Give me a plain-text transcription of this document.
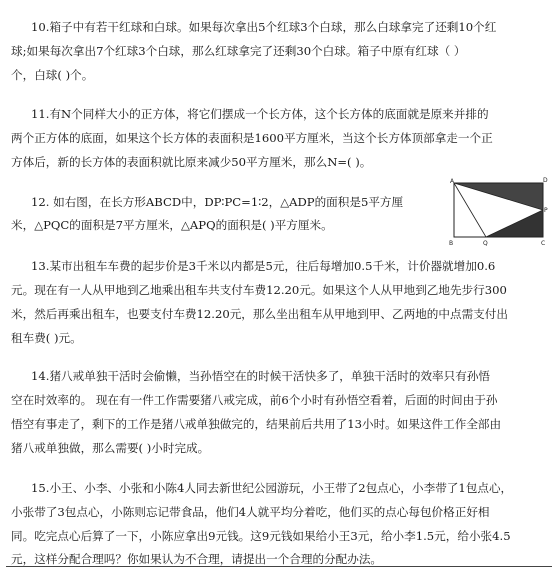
10.箱子中有若干红球和白球。如果每次拿出5个红球3个白球，那么白球拿完了还剩10个红
球;如果每次拿出7个红球3个白球，那么红球拿完了还剩30个白球。箱子中原有红球（ ）
个，白球( )个。
11.有N个同样大小的正方体，将它们摆成一个长方体，这个长方体的底面就是原来并排的
两个正方体的底面，如果这个长方体的表面积是1600平方厘米，当这个长方体顶部拿走一个正
方体后，新的长方体的表面积就比原来减少50平方厘米，那么N=( )。
12. 如右图，在长方形ABCD中，DP∶PC=1∶2，△ADP的面积是5平方厘
米，△PQC的面积是7平方厘米，△APQ的面积是( )平方厘米。
A	D
P
B	Q	C
13.某市出租车车费的起步价是3千米以内都是5元，往后每增加0.5千米，计价器就增加0.6
元。现在有一人从甲地到乙地乘出租车共支付车费12.20元。如果这个人从甲地到乙地先步行300
米，然后再乘出租车，也要支付车费12.20元，那么坐出租车从甲地到甲、乙两地的中点需支付出
租车费( )元。
14.猪八戒单独干活时会偷懒，当孙悟空在的时候干活快多了，单独干活时的效率只有孙悟
空在时效率的。 现在有一件工作需要猪八戒完成，前6个小时有孙悟空看着，后面的时间由于孙
悟空有事走了，剩下的工作是猪八戒单独做完的，结果前后共用了13小时。如果这件工作全部由
猪八戒单独做，那么需要( )小时完成。
15.小王、小李、小张和小陈4人同去新世纪公园游玩，小王带了2包点心，小李带了1包点心，
小张带了3包点心，小陈则忘记带食品，他们4人就平均分着吃，他们买的点心每包价格正好相
同。吃完点心后算了一下，小陈应拿出9元钱。这9元钱如果给小王3元，给小李1.5元，给小张4.5
元，这样分配合理吗？你如果认为不合理，请提出一个合理的分配办法。
